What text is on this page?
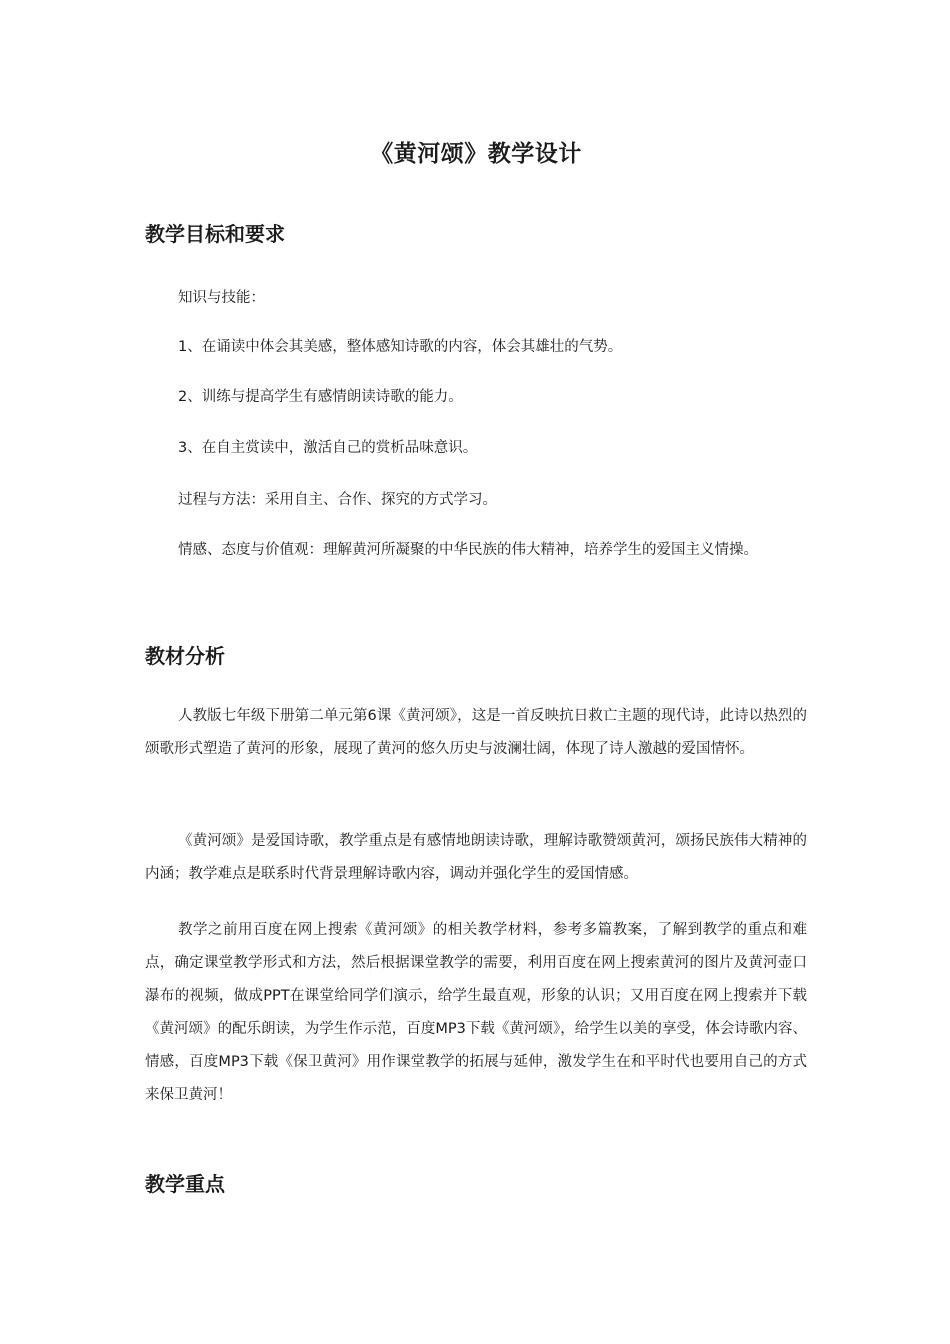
《黄河颂》教学设计
教学目标和要求

知识与技能：

1、在诵读中体会其美感，整体感知诗歌的内容，体会其雄壮的气势。

2、训练与提高学生有感情朗读诗歌的能力。

3、在自主赏读中，激活自己的赏析品味意识。

过程与方法：采用自主、合作、探究的方式学习。

情感、态度与价值观：理解黄河所凝聚的中华民族的伟大精神，培养学生的爱国主义情操。

教材分析

人教版七年级下册第二单元第6课《黄河颂》，这是一首反映抗日救亡主题的现代诗，此诗以热烈的颂歌形式塑造了黄河的形象，展现了黄河的悠久历史与波澜壮阔，体现了诗人激越的爱国情怀。

《黄河颂》是爱国诗歌，教学重点是有感情地朗读诗歌，理解诗歌赞颂黄河，颂扬民族伟大精神的内涵；教学难点是联系时代背景理解诗歌内容，调动并强化学生的爱国情感。

教学之前用百度在网上搜索《黄河颂》的相关教学材料，参考多篇教案，了解到教学的重点和难点，确定课堂教学形式和方法，然后根据课堂教学的需要，利用百度在网上搜索黄河的图片及黄河壶口瀑布的视频，做成PPT在课堂给同学们演示，给学生最直观，形象的认识；又用百度在网上搜索并下载《黄河颂》的配乐朗读，为学生作示范，百度MP3下载《黄河颂》，给学生以美的享受，体会诗歌内容、情感，百度MP3下载《保卫黄河》用作课堂教学的拓展与延伸，激发学生在和平时代也要用自己的方式来保卫黄河！

教学重点
